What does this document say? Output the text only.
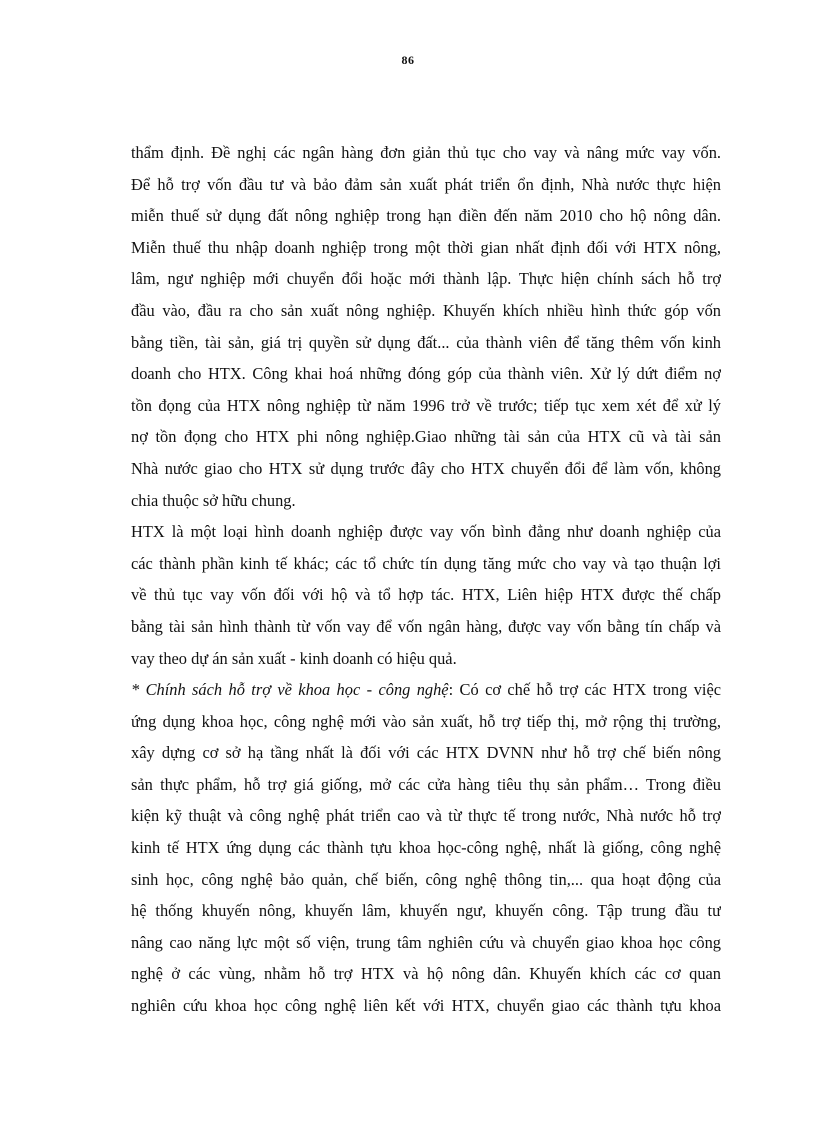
86
thẩm định. Đề nghị các ngân hàng đơn giản thủ tục cho vay và nâng mức vay vốn.
Để hỗ trợ vốn đầu tư và bảo đảm sản xuất phát triển ổn định, Nhà nước thực hiện
miễn thuế sử dụng đất nông nghiệp trong hạn điền đến năm 2010 cho hộ nông dân.
Miễn thuế thu nhập doanh nghiệp trong một thời gian nhất định đối với HTX nông,
lâm, ngư nghiệp mới chuyển đổi hoặc mới thành lập. Thực hiện chính sách hỗ trợ
đầu vào, đầu ra cho sản xuất nông nghiệp. Khuyến khích nhiều hình thức góp vốn
bằng tiền, tài sản, giá trị quyền sử dụng đất... của thành viên để tăng thêm vốn kinh
doanh cho HTX. Công khai hoá những đóng góp của thành viên. Xử lý dứt điểm nợ
tồn đọng của HTX nông nghiệp từ năm 1996 trở về trước; tiếp tục xem xét để xử lý
nợ tồn đọng cho HTX phi nông nghiệp.Giao những tài sản của HTX cũ và tài sản
Nhà nước giao cho HTX sử dụng trước đây cho HTX chuyển đổi để làm vốn, không
chia thuộc sở hữu chung.
HTX là một loại hình doanh nghiệp được vay vốn bình đẳng như doanh nghiệp của
các thành phần kinh tế khác; các tổ chức tín dụng tăng mức cho vay và tạo thuận lợi
về thủ tục vay vốn đối với hộ và tổ hợp tác. HTX, Liên hiệp HTX được thế chấp
bằng tài sản hình thành từ vốn vay để vốn ngân hàng, được vay vốn bằng tín chấp và
vay theo dự án sản xuất - kinh doanh có hiệu quả.
* Chính sách hỗ trợ về khoa học - công nghệ: Có cơ chế hỗ trợ các HTX trong việc
ứng dụng khoa học, công nghệ mới vào sản xuất, hỗ trợ tiếp thị, mở rộng thị trường,
xây dựng cơ sở hạ tầng nhất là đối với các HTX DVNN như hỗ trợ chế biến nông
sản thực phẩm, hỗ trợ giá giống, mở các cửa hàng tiêu thụ sản phẩm… Trong điều
kiện kỹ thuật và công nghệ phát triển cao và từ thực tế trong nước, Nhà nước hỗ trợ
kinh tế HTX ứng dụng các thành tựu khoa học-công nghệ, nhất là giống, công nghệ
sinh học, công nghệ bảo quản, chế biến, công nghệ thông tin,... qua hoạt động của
hệ thống khuyến nông, khuyến lâm, khuyến ngư, khuyến công. Tập trung đầu tư
nâng cao năng lực một số viện, trung tâm nghiên cứu và chuyển giao khoa học công
nghệ ở các vùng, nhằm hỗ trợ HTX và hộ nông dân. Khuyến khích các cơ quan
nghiên cứu khoa học công nghệ liên kết với HTX, chuyển giao các thành tựu khoa
